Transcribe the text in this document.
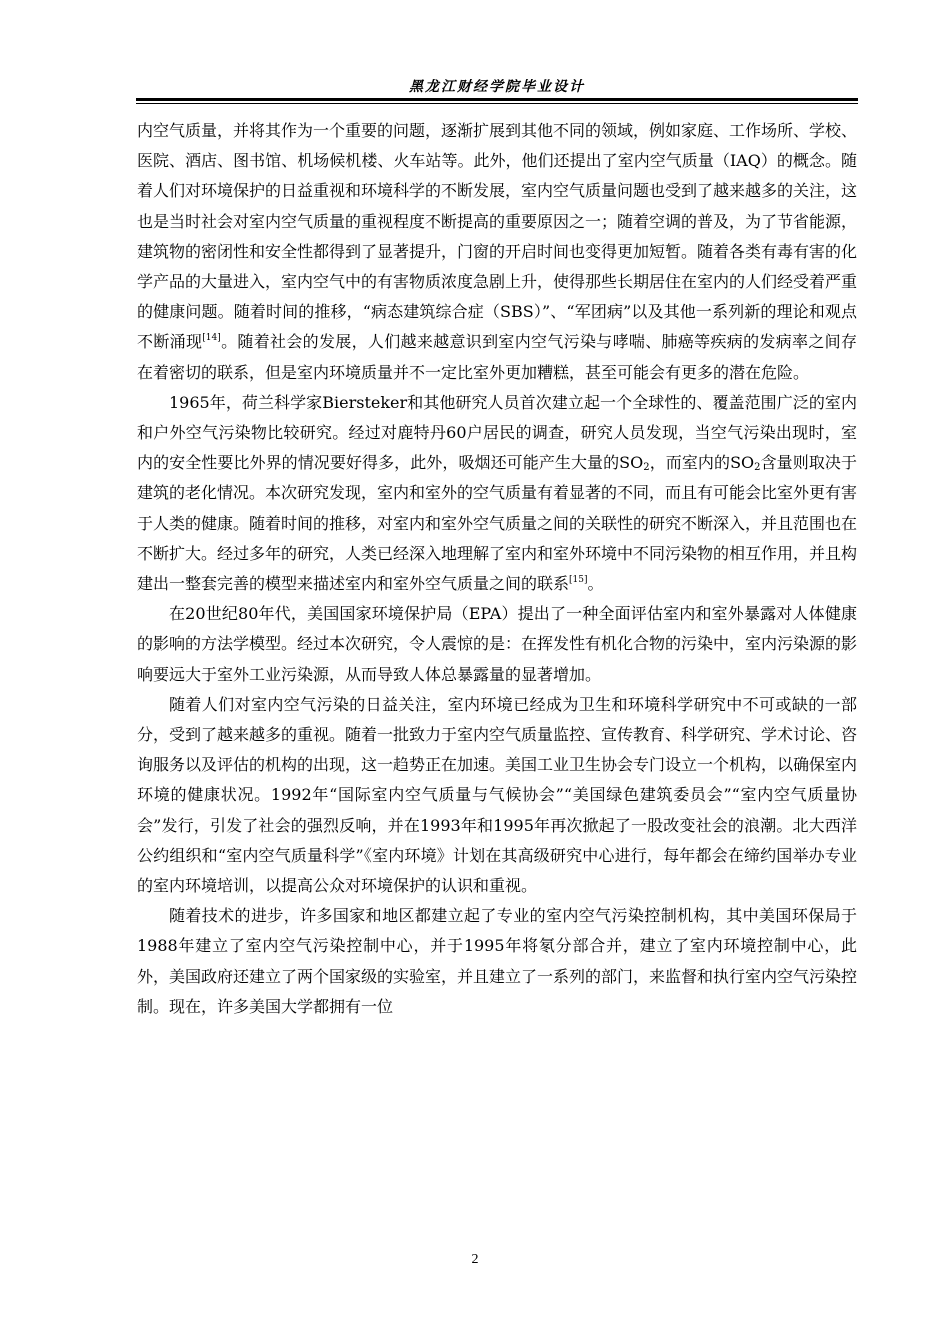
黑龙江财经学院毕业设计

内空气质量，并将其作为一个重要的问题，逐渐扩展到其他不同的领域，例如家庭、工作场所、学校、医院、酒店、图书馆、机场候机楼、火车站等。此外，他们还提出了室内空气质量（IAQ）的概念。随着人们对环境保护的日益重视和环境科学的不断发展，室内空气质量问题也受到了越来越多的关注，这也是当时社会对室内空气质量的重视程度不断提高的重要原因之一；随着空调的普及，为了节省能源，建筑物的密闭性和安全性都得到了显著提升，门窗的开启时间也变得更加短暂。随着各类有毒有害的化学产品的大量进入，室内空气中的有害物质浓度急剧上升，使得那些长期居住在室内的人们经受着严重的健康问题。随着时间的推移，“病态建筑综合症（SBS）”、“军团病”以及其他一系列新的理论和观点不断涌现[14]。随着社会的发展，人们越来越意识到室内空气污染与哮喘、肺癌等疾病的发病率之间存在着密切的联系，但是室内环境质量并不一定比室外更加糟糕，甚至可能会有更多的潜在危险。

1965年，荷兰科学家Biersteker和其他研究人员首次建立起一个全球性的、覆盖范围广泛的室内和户外空气污染物比较研究。经过对鹿特丹60户居民的调查，研究人员发现，当空气污染出现时，室内的安全性要比外界的情况要好得多，此外，吸烟还可能产生大量的$SO_2$，而室内的$SO_2$含量则取决于建筑的老化情况。本次研究发现，室内和室外的空气质量有着显著的不同，而且有可能会比室外更有害于人类的健康。随着时间的推移，对室内和室外空气质量之间的关联性的研究不断深入，并且范围也在不断扩大。经过多年的研究，人类已经深入地理解了室内和室外环境中不同污染物的相互作用，并且构建出一整套完善的模型来描述室内和室外空气质量之间的联系[15]。

在20世纪80年代，美国国家环境保护局（EPA）提出了一种全面评估室内和室外暴露对人体健康的影响的方法学模型。经过本次研究，令人震惊的是：在挥发性有机化合物的污染中，室内污染源的影响要远大于室外工业污染源，从而导致人体总暴露量的显著增加。

随着人们对室内空气污染的日益关注，室内环境已经成为卫生和环境科学研究中不可或缺的一部分，受到了越来越多的重视。随着一批致力于室内空气质量监控、宣传教育、科学研究、学术讨论、咨询服务以及评估的机构的出现，这一趋势正在加速。美国工业卫生协会专门设立一个机构，以确保室内环境的健康状况。1992年“国际室内空气质量与气候协会”“美国绿色建筑委员会”“室内空气质量协会”发行，引发了社会的强烈反响，并在1993年和1995年再次掀起了一股改变社会的浪潮。北大西洋公约组织和“室内空气质量科学”《室内环境》计划在其高级研究中心进行，每年都会在缔约国举办专业的室内环境培训，以提高公众对环境保护的认识和重视。

随着技术的进步，许多国家和地区都建立起了专业的室内空气污染控制机构，其中美国环保局于1988年建立了室内空气污染控制中心，并于1995年将氡分部合并，建立了室内环境控制中心，此外，美国政府还建立了两个国家级的实验室，并且建立了一系列的部门，来监督和执行室内空气污染控制。现在，许多美国大学都拥有一位

2
